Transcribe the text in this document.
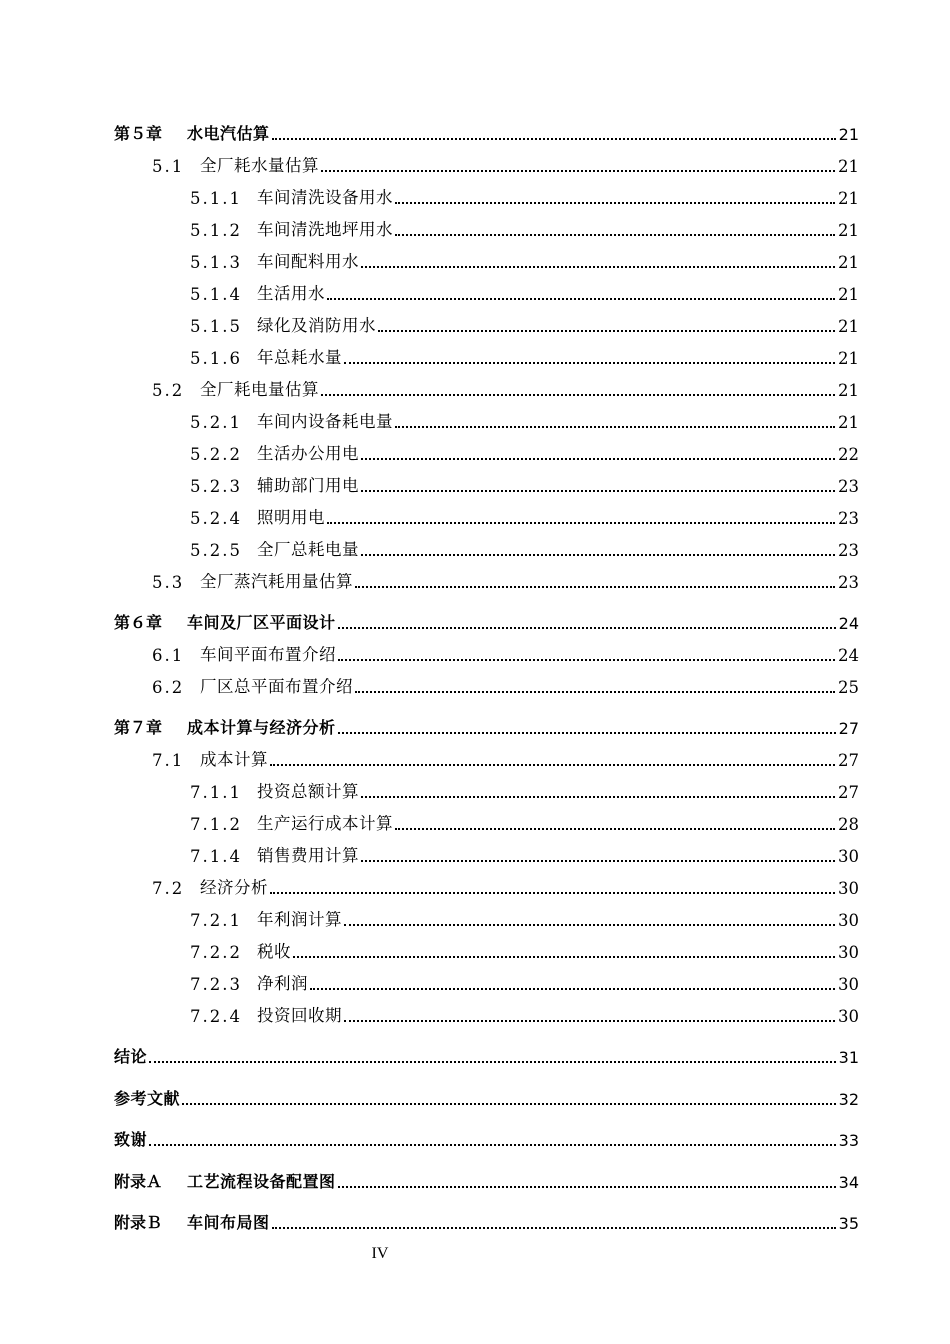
第５章	水电汽估算	21
5.1 全厂耗水量估算	21
5.1.1 车间清洗设备用水	21
5.1.2 车间清洗地坪用水	21
5.1.3 车间配料用水	21
5.1.4 生活用水	21
5.1.5 绿化及消防用水	21
5.1.6 年总耗水量	21
5.2 全厂耗电量估算	21
5.2.1 车间内设备耗电量	21
5.2.2 生活办公用电	22
5.2.3 辅助部门用电	23
5.2.4 照明用电	23
5.2.5 全厂总耗电量	23
5.3 全厂蒸汽耗用量估算	23
第６章	车间及厂区平面设计	24
6.1 车间平面布置介绍	24
6.2 厂区总平面布置介绍	25
第７章	成本计算与经济分析	27
7.1 成本计算	27
7.1.1 投资总额计算	27
7.1.2 生产运行成本计算	28
7.1.4 销售费用计算	30
7.2 经济分析	30
7.2.1 年利润计算	30
7.2.2 税收	30
7.2.3 净利润	30
7.2.4 投资回收期	30
结论	31
参考文献	32
致谢	33
附录Ａ	工艺流程设备配置图	34
附录Ｂ	车间布局图	35
IV
